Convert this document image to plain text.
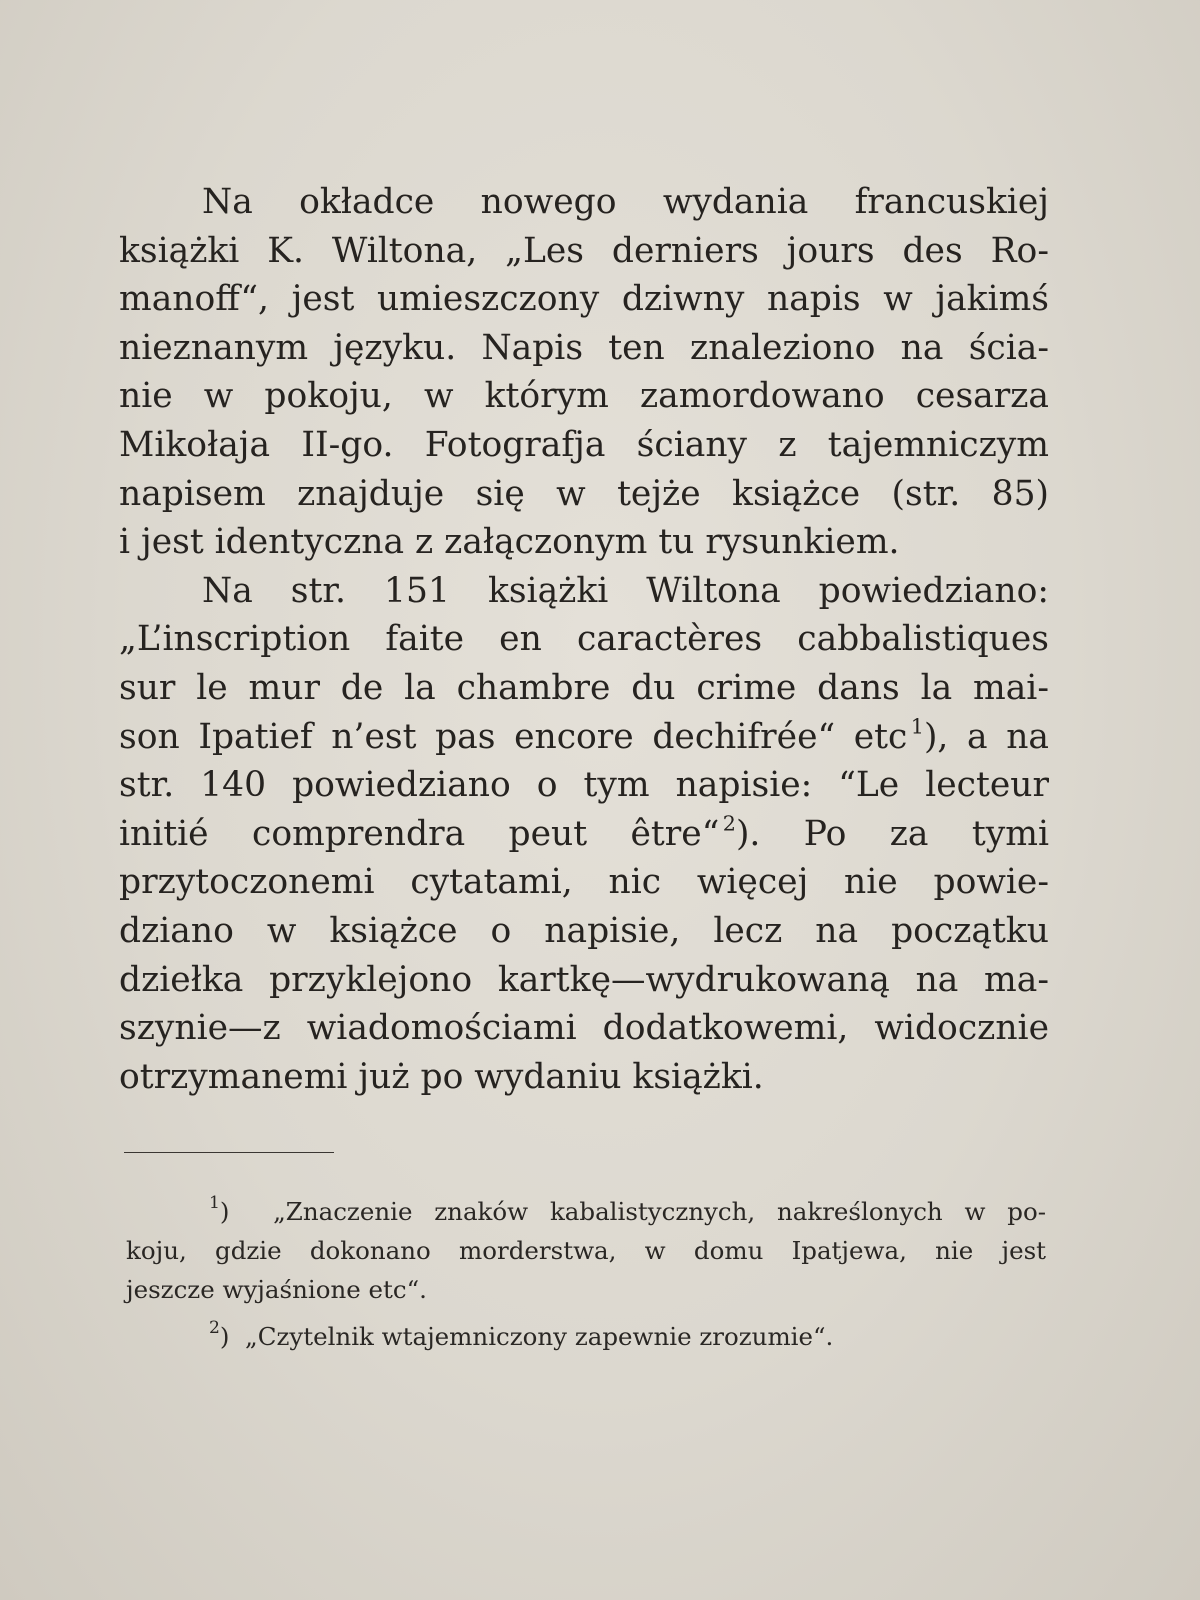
Na okładce nowego wydania francuskiej
książki K. Wiltona, „Les derniers jours des Ro-
manoff“, jest umieszczony dziwny napis w jakimś
nieznanym języku. Napis ten znaleziono na ścia-
nie w pokoju, w którym zamordowano cesarza
Mikołaja II-go. Fotografja ściany z tajemniczym
napisem znajduje się w tejże książce (str. 85)
i jest identyczna z załączonym tu rysunkiem.
Na str. 151 książki Wiltona powiedziano:
„L’inscription faite en caractères cabbalistiques
sur le mur de la chambre du crime dans la mai-
son Ipatief n’est pas encore dechifrée“ etc  $^1$), a na
str. 140 powiedziano o tym napisie: “Le lecteur
initié comprendra peut être“  $^2$). Po za tymi
przytoczonemi cytatami, nic więcej nie powie-
dziano w książce o napisie, lecz na początku
dziełka przyklejono kartkę—wydrukowaną na ma-
szynie—z wiadomościami dodatkowemi, widocznie
otrzymanemi już po wydaniu książki.
$^1$) „Znaczenie znaków kabalistycznych, nakreślonych w po-
koju, gdzie dokonano morderstwa, w domu Ipatjewa, nie jest
jeszcze wyjaśnione etc“.
$^2$) „Czytelnik wtajemniczony zapewnie zrozumie“.
